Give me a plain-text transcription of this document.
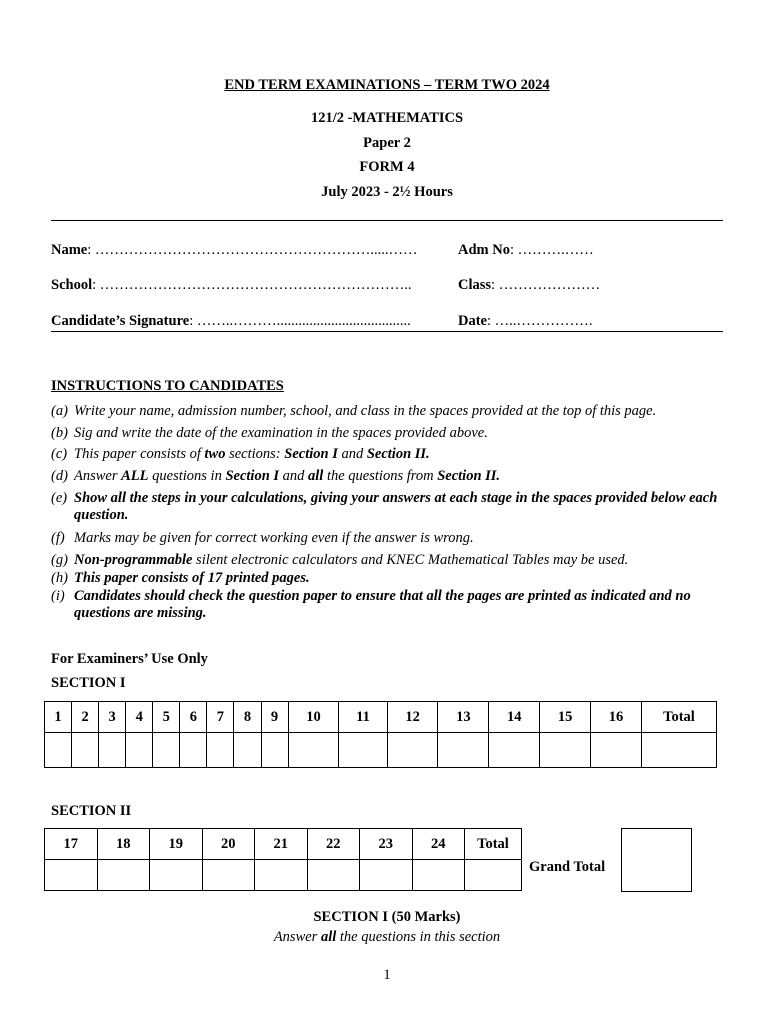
END TERM EXAMINATIONS – TERM TWO 2024
121/2 -MATHEMATICS
Paper 2
FORM 4
July 2023 - 2½ Hours
Name: ………………………………………………….....……	Adm No: ……….……
School: ………………………………………………………..	Class: …………………
Candidate’s Signature: ……..……….....................................	Date: …..…………….
INSTRUCTIONS TO CANDIDATES
(a) Write your name, admission number, school, and class in the spaces provided at the top of this page.
(b) Sig and write the date of the examination in the spaces provided above.
(c) This paper consists of two sections: Section I and Section II.
(d) Answer ALL questions in Section I and all the questions from Section II.
(e) Show all the steps in your calculations, giving your answers at each stage in the spaces provided below each question.
(f) Marks may be given for correct working even if the answer is wrong.
(g) Non-programmable silent electronic calculators and KNEC Mathematical Tables may be used.
(h) This paper consists of 17 printed pages.
(i) Candidates should check the question paper to ensure that all the pages are printed as indicated and no questions are missing.
For Examiners’ Use Only
SECTION I
1	2	3	4	5	6	7	8	9	10	11	12	13	14	15	16	Total

SECTION II
17	18	19	20	21	22	23	24	Total

Grand Total
SECTION I (50 Marks)
Answer all the questions in this section
1
